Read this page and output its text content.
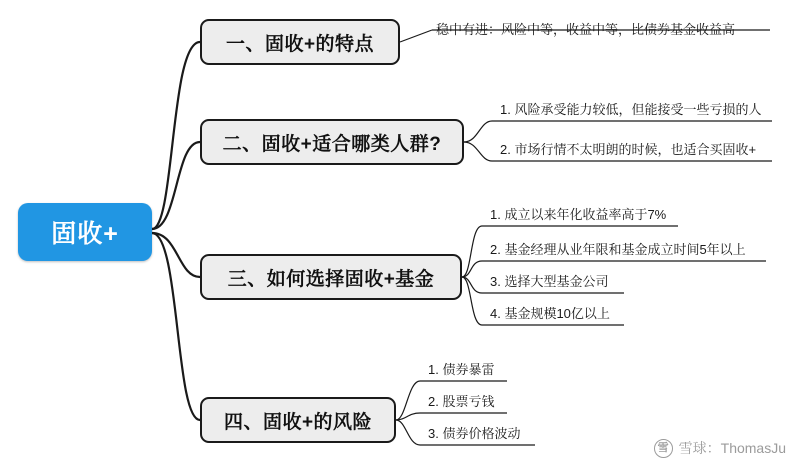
固收+
一、固收+的特点
稳中有进：风险中等，收益中等，比债券基金收益高
二、固收+适合哪类人群?
1. 风险承受能力较低，但能接受一些亏损的人
2. 市场行情不太明朗的时候，也适合买固收+
三、如何选择固收+基金
1. 成立以来年化收益率高于7%
2. 基金经理从业年限和基金成立时间5年以上
3. 选择大型基金公司
4. 基金规模10亿以上
四、固收+的风险
1. 债券暴雷
2. 股票亏钱
3. 债券价格波动
雪 雪球：ThomasJu
